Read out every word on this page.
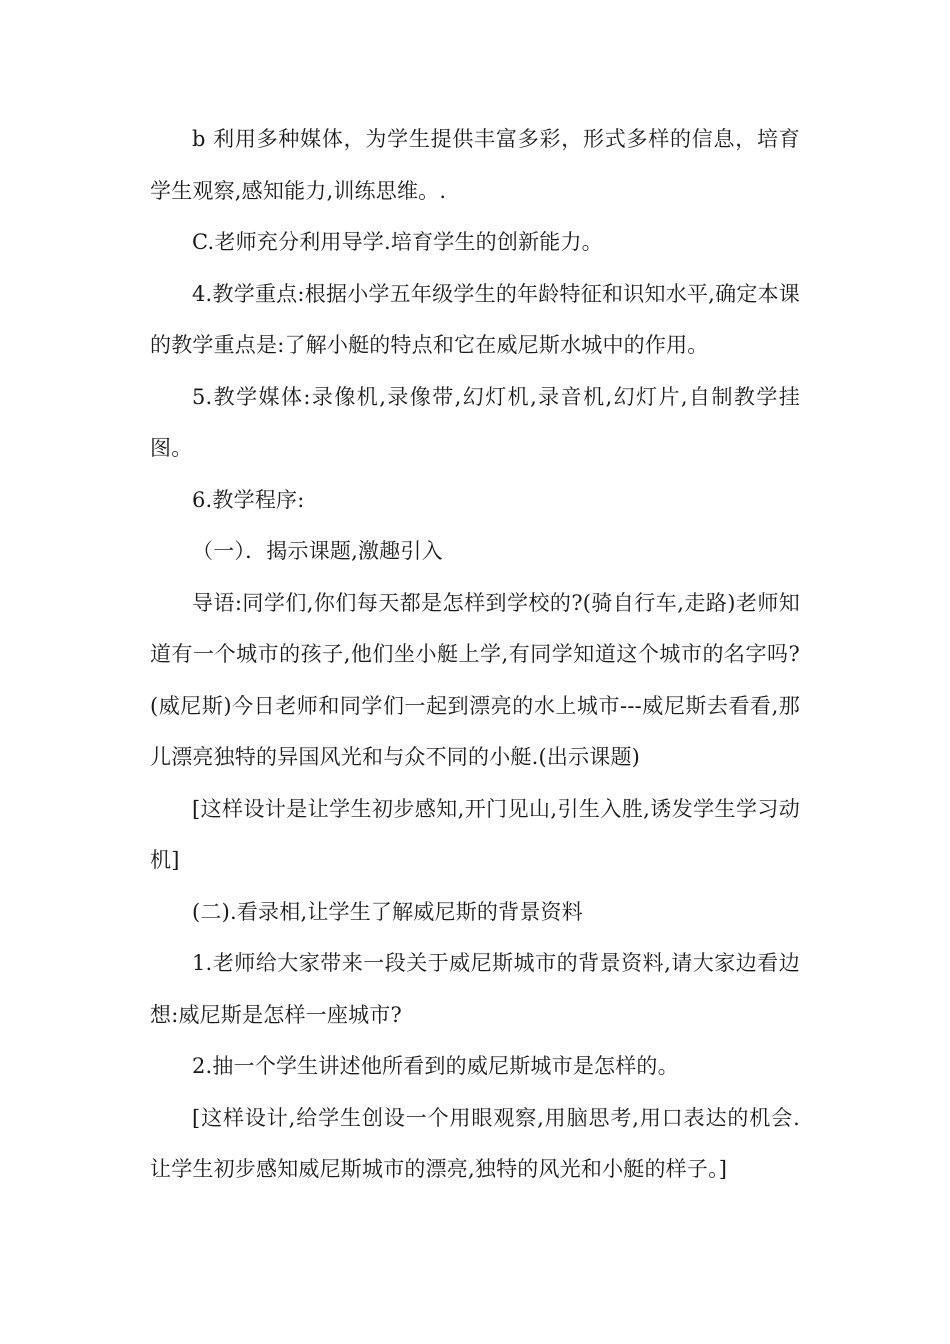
b 利用多种媒体，为学生提供丰富多彩，形式多样的信息，培育学生观察,感知能力,训练思维。.

C.老师充分利用导学.培育学生的创新能力。

4.教学重点:根据小学五年级学生的年龄特征和识知水平,确定本课的教学重点是:了解小艇的特点和它在威尼斯水城中的作用。

5.教学媒体:录像机,录像带,幻灯机,录音机,幻灯片,自制教学挂图。

6.教学程序:

（一）．揭示课题,激趣引入

导语:同学们,你们每天都是怎样到学校的?(骑自行车,走路)老师知道有一个城市的孩子,他们坐小艇上学,有同学知道这个城市的名字吗?(威尼斯)今日老师和同学们一起到漂亮的水上城市---威尼斯去看看,那儿漂亮独特的异国风光和与众不同的小艇.(出示课题)

[这样设计是让学生初步感知,开门见山,引生入胜,诱发学生学习动机]

(二).看录相,让学生了解威尼斯的背景资料

1.老师给大家带来一段关于威尼斯城市的背景资料,请大家边看边想:威尼斯是怎样一座城市?

2.抽一个学生讲述他所看到的威尼斯城市是怎样的。

[这样设计,给学生创设一个用眼观察,用脑思考,用口表达的机会.让学生初步感知威尼斯城市的漂亮,独特的风光和小艇的样子。]
